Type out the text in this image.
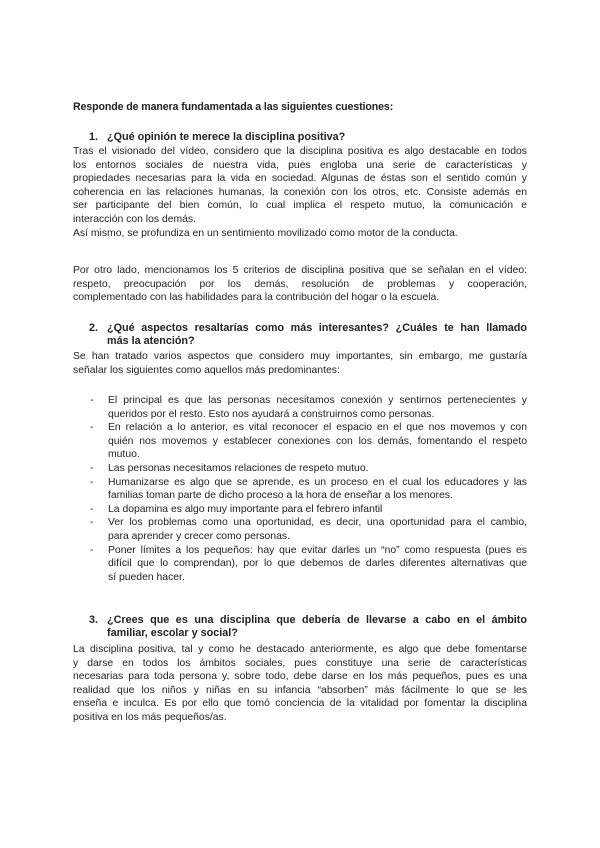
Responde de manera fundamentada a las siguientes cuestiones:
1. ¿Qué opinión te merece la disciplina positiva?
Tras el visionado del vídeo, considero que la disciplina positiva es algo destacable en todos
los entornos sociales de nuestra vida, pues engloba una serie de características y
propiedades necesarias para la vida en sociedad. Algunas de éstas son el sentido común y
coherencia en las relaciones humanas, la conexión con los otros, etc. Consiste además en
ser participante del bien común, lo cual implica el respeto mutuo, la comunicación e
interacción con los demás.
Así mismo, se profundiza en un sentimiento movilizado como motor de la conducta.
Por otro lado, mencionamos los 5 criterios de disciplina positiva que se señalan en el vídeo:
respeto, preocupación por los demás, resolución de problemas y cooperación,
complementado con las habilidades para la contribución del hogar o la escuela.
2. ¿Qué aspectos resaltarías como más interesantes? ¿Cuáles te han llamado
más la atención?
Se han tratado varios aspectos que considero muy importantes, sin embargo, me gustaría
señalar los siguientes como aquellos más predominantes:
- El principal es que las personas necesitamos conexión y sentirnos pertenecientes y
queridos por el resto. Esto nos ayudará a construirnos como personas.
- En relación a lo anterior, es vital reconocer el espacio en el que nos movemos y con
quién nos movemos y establecer conexiones con los demás, fomentando el respeto
mutuo.
- Las personas necesitamos relaciones de respeto mutuo.
- Humanizarse es algo que se aprende, es un proceso en el cual los educadores y las
familias toman parte de dicho proceso a la hora de enseñar a los menores.
- La dopamina es algo muy importante para el febrero infantil
- Ver los problemas como una oportunidad, es decir, una oportunidad para el cambio,
para aprender y crecer como personas.
- Poner límites a los pequeños: hay que evitar darles un “no” como respuesta (pues es
difícil que lo comprendan), por lo que debemos de darles diferentes alternativas que
sí pueden hacer.
3. ¿Crees que es una disciplina que debería de llevarse a cabo en el ámbito
familiar, escolar y social?
La disciplina positiva, tal y como he destacado anteriormente, es algo que debe fomentarse
y darse en todos los ámbitos sociales, pues constituye una serie de características
necesarias para toda persona y, sobre todo, debe darse en los más pequeños, pues es una
realidad que los niños y niñas en su infancia “absorben” más fácilmente lo que se les
enseña e inculca. Es por ello que tomó conciencia de la vitalidad por fomentar la disciplina
positiva en los más pequeños/as.
